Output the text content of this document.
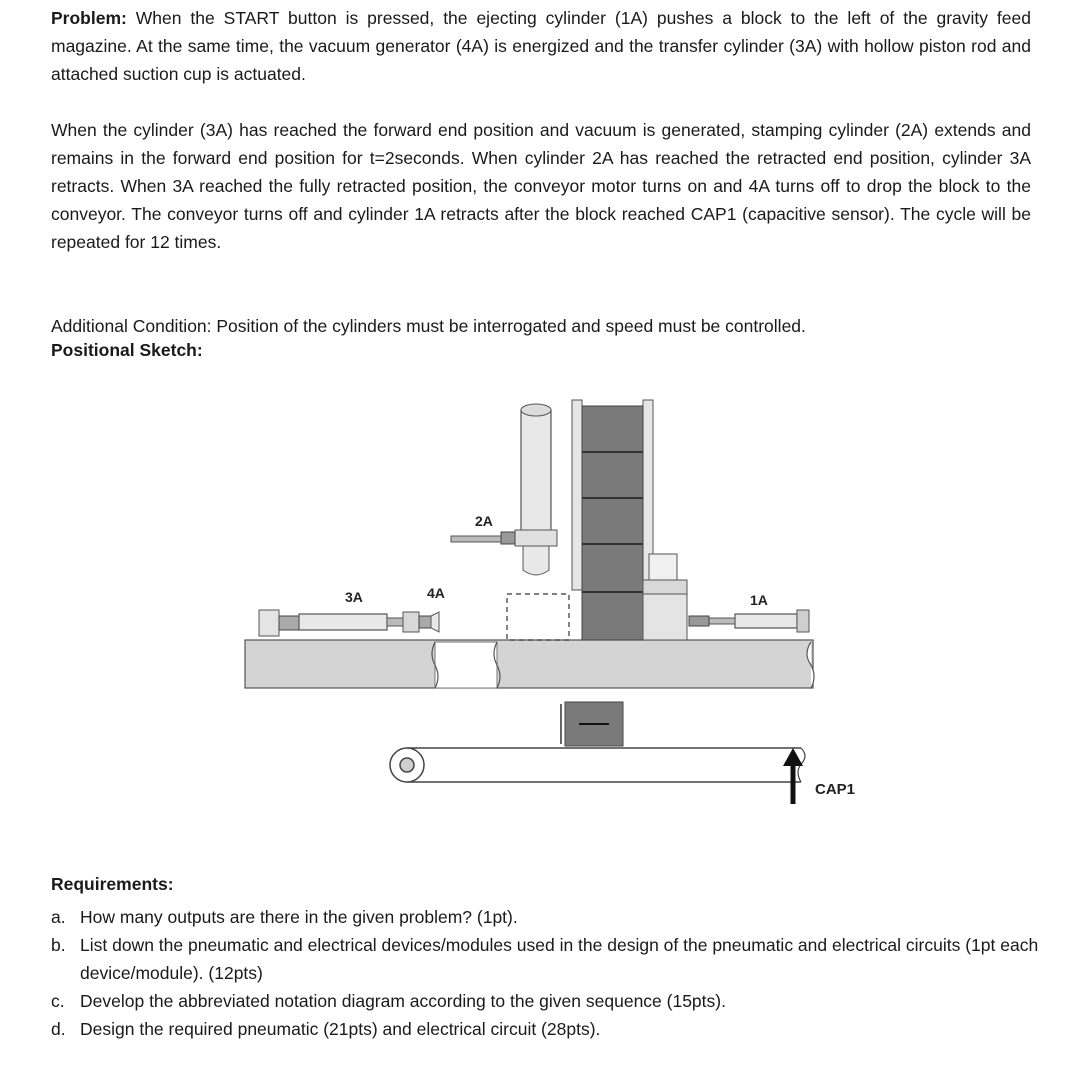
Problem: When the START button is pressed, the ejecting cylinder (1A) pushes a block to the left of the gravity feed magazine. At the same time, the vacuum generator (4A) is energized and the transfer cylinder (3A) with hollow piston rod and attached suction cup is actuated.

When the cylinder (3A) has reached the forward end position and vacuum is generated, stamping cylinder (2A) extends and remains in the forward end position for t=2seconds. When cylinder 2A has reached the retracted end position, cylinder 3A retracts. When 3A reached the fully retracted position, the conveyor motor turns on and 4A turns off to drop the block to the conveyor. The conveyor turns off and cylinder 1A retracts after the block reached CAP1 (capacitive sensor). The cycle will be repeated for 12 times.

Additional Condition: Position of the cylinders must be interrogated and speed must be controlled.

Positional Sketch:

2A
1A
3A	4A
CAP1

Requirements:

a. How many outputs are there in the given problem? (1pt).
b. List down the pneumatic and electrical devices/modules used in the design of the pneumatic and electrical circuits (1pt each device/module). (12pts)
c. Develop the abbreviated notation diagram according to the given sequence (15pts).
d. Design the required pneumatic (21pts) and electrical circuit (28pts).
